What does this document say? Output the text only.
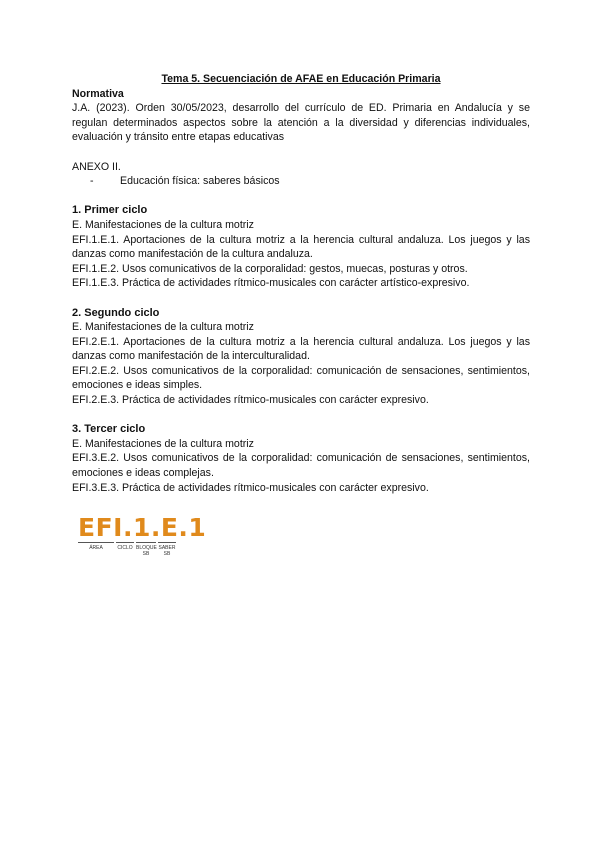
Tema 5. Secuenciación de AFAE en Educación Primaria

Normativa
J.A. (2023). Orden 30/05/2023, desarrollo del currículo de ED. Primaria en Andalucía y se regulan determinados aspectos sobre la atención a la diversidad y diferencias individuales, evaluación y tránsito entre etapas educativas
ANEXO II.
-	Educación física: saberes básicos
1. Primer ciclo
E. Manifestaciones de la cultura motriz
EFI.1.E.1. Aportaciones de la cultura motriz a la herencia cultural andaluza. Los juegos y las danzas como manifestación de la cultura andaluza.
EFI.1.E.2. Usos comunicativos de la corporalidad: gestos, muecas, posturas y otros.
EFI.1.E.3. Práctica de actividades rítmico-musicales con carácter artístico-expresivo.
2. Segundo ciclo
E. Manifestaciones de la cultura motriz
EFI.2.E.1. Aportaciones de la cultura motriz a la herencia cultural andaluza. Los juegos y las danzas como manifestación de la interculturalidad.
EFI.2.E.2. Usos comunicativos de la corporalidad: comunicación de sensaciones, sentimientos, emociones e ideas simples.
EFI.2.E.3. Práctica de actividades rítmico-musicales con carácter expresivo.
3. Tercer ciclo
E. Manifestaciones de la cultura motriz
EFI.3.E.2. Usos comunicativos de la corporalidad: comunicación de sensaciones, sentimientos, emociones e ideas complejas.
EFI.3.E.3. Práctica de actividades rítmico-musicales con carácter expresivo.
EFI.1.E.1
ÁREA	CICLO BLOQUE SB
SABER SB
